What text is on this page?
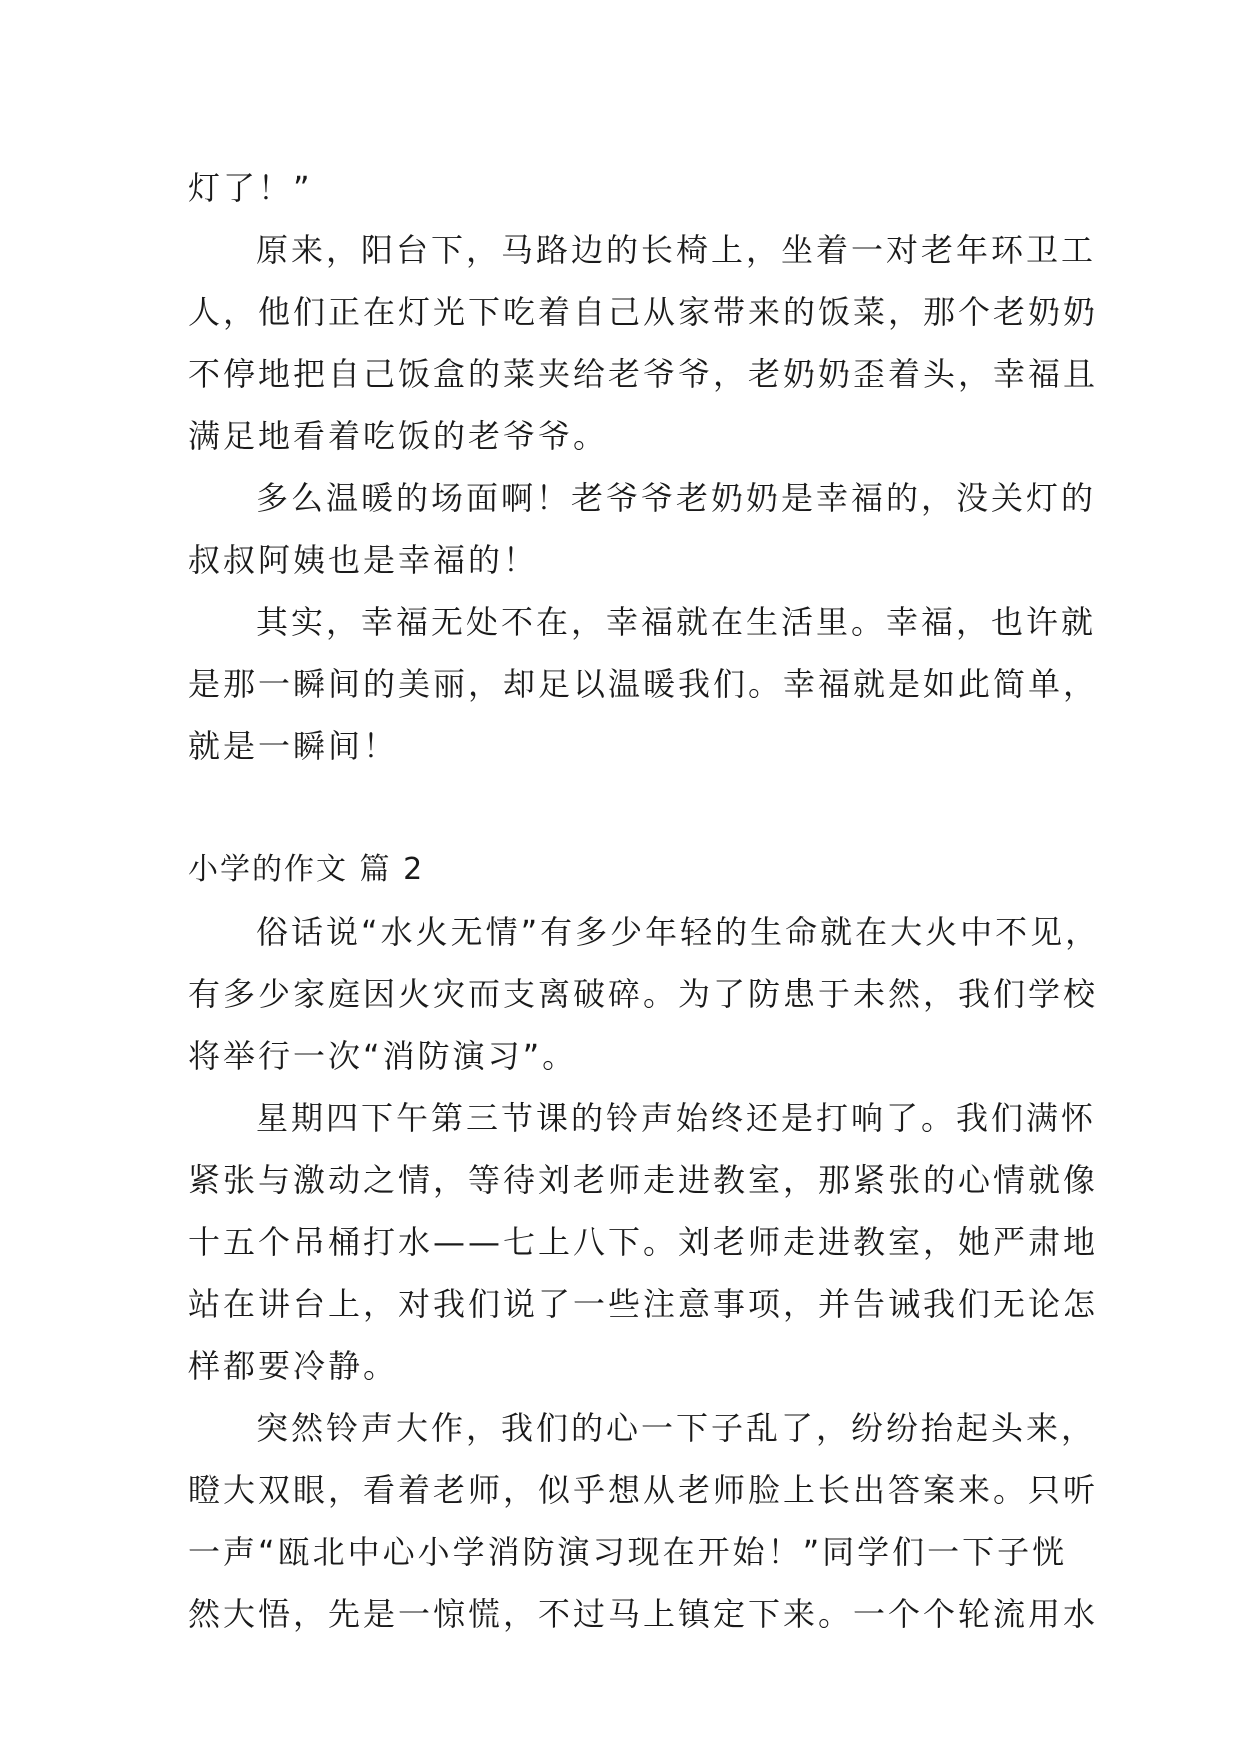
灯了！”
原来，阳台下，马路边的长椅上，坐着一对老年环卫工
人，他们正在灯光下吃着自己从家带来的饭菜，那个老奶奶
不停地把自己饭盒的菜夹给老爷爷，老奶奶歪着头，幸福且
满足地看着吃饭的老爷爷。
多么温暖的场面啊！老爷爷老奶奶是幸福的，没关灯的
叔叔阿姨也是幸福的！
其实，幸福无处不在，幸福就在生活里。幸福，也许就
是那一瞬间的美丽，却足以温暖我们。幸福就是如此简单，
就是一瞬间！
小学的作文 篇 2
俗话说“水火无情”有多少年轻的生命就在大火中不见，
有多少家庭因火灾而支离破碎。为了防患于未然，我们学校
将举行一次“消防演习”。
星期四下午第三节课的铃声始终还是打响了。我们满怀
紧张与激动之情，等待刘老师走进教室，那紧张的心情就像
十五个吊桶打水——七上八下。刘老师走进教室，她严肃地
站在讲台上，对我们说了一些注意事项，并告诫我们无论怎
样都要冷静。
突然铃声大作，我们的心一下子乱了，纷纷抬起头来，
瞪大双眼，看着老师，似乎想从老师脸上长出答案来。只听
一声“瓯北中心小学消防演习现在开始！”同学们一下子恍
然大悟，先是一惊慌，不过马上镇定下来。一个个轮流用水
